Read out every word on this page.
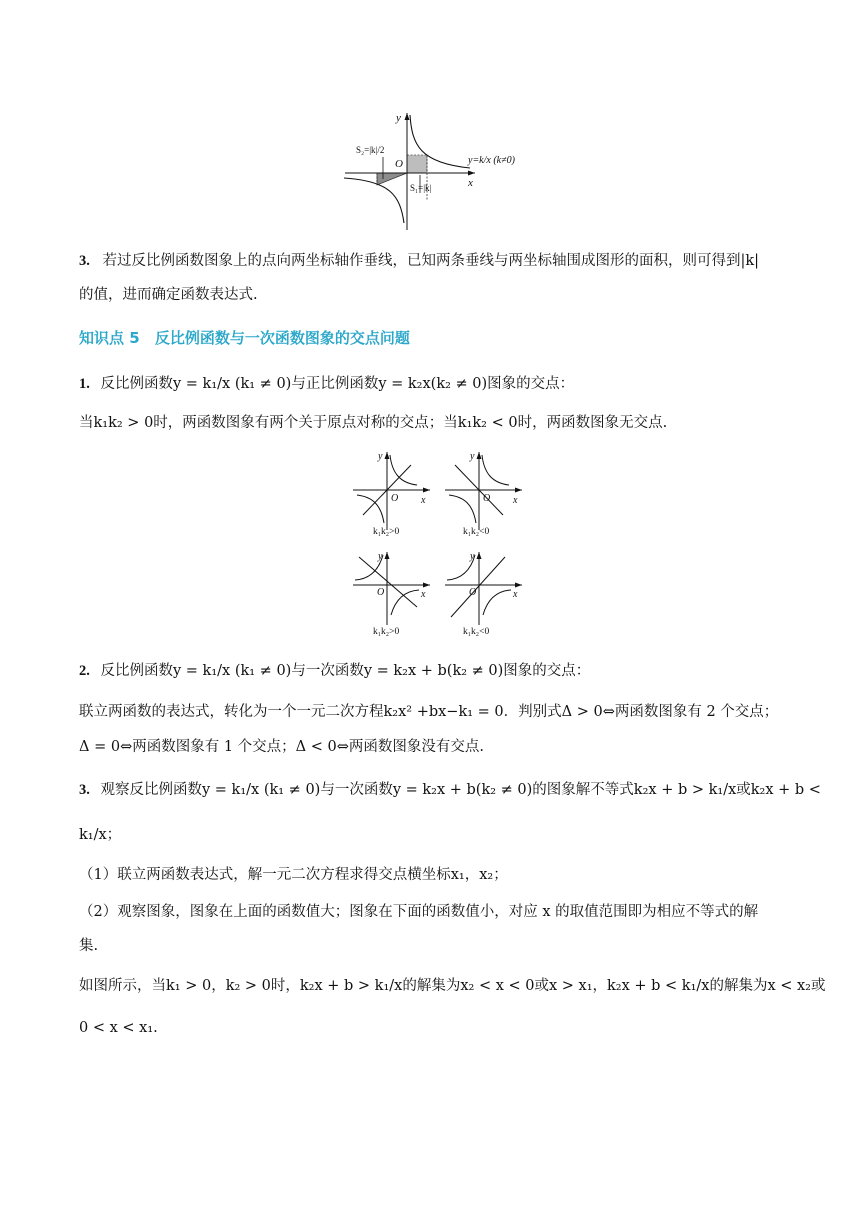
y
x
O
S₂=|k|/2
S₁=|k|
y=k/x (k≠0)
3. 若过反比例函数图象上的点向两坐标轴作垂线，已知两条垂线与两坐标轴围成图形的面积，则可得到|k|
的值，进而确定函数表达式.
知识点 5 反比例函数与一次函数图象的交点问题
1. 反比例函数y = k₁/x (k₁ ≠ 0)与正比例函数y = k₂x(k₂ ≠ 0)图象的交点：
当k₁k₂ > 0时，两函数图象有两个关于原点对称的交点；当k₁k₂ < 0时，两函数图象无交点.
y
x
O
y
x
O
y
x
O
y
x
O
k₁k₂>0	k₁k₂<0
k₁k₂>0	k₁k₂<0
2. 反比例函数y = k₁/x (k₁ ≠ 0)与一次函数y = k₂x + b(k₂ ≠ 0)图象的交点：
联立两函数的表达式，转化为一个一元二次方程k₂x² +bx−k₁ = 0．判别式Δ > 0⇔两函数图象有 2 个交点；
Δ = 0⇔两函数图象有 1 个交点；Δ < 0⇔两函数图象没有交点.
3. 观察反比例函数y = k₁/x (k₁ ≠ 0)与一次函数y = k₂x + b(k₂ ≠ 0)的图象解不等式k₂x + b > k₁/x或k₂x + b <
k₁/x；
（1）联立两函数表达式，解一元二次方程求得交点横坐标x₁，x₂；
（2）观察图象，图象在上面的函数值大；图象在下面的函数值小，对应 x 的取值范围即为相应不等式的解
集.
如图所示，当k₁ > 0，k₂ > 0时，k₂x + b > k₁/x的解集为x₂ < x < 0或x > x₁，k₂x + b < k₁/x的解集为x < x₂或
0 < x < x₁.
